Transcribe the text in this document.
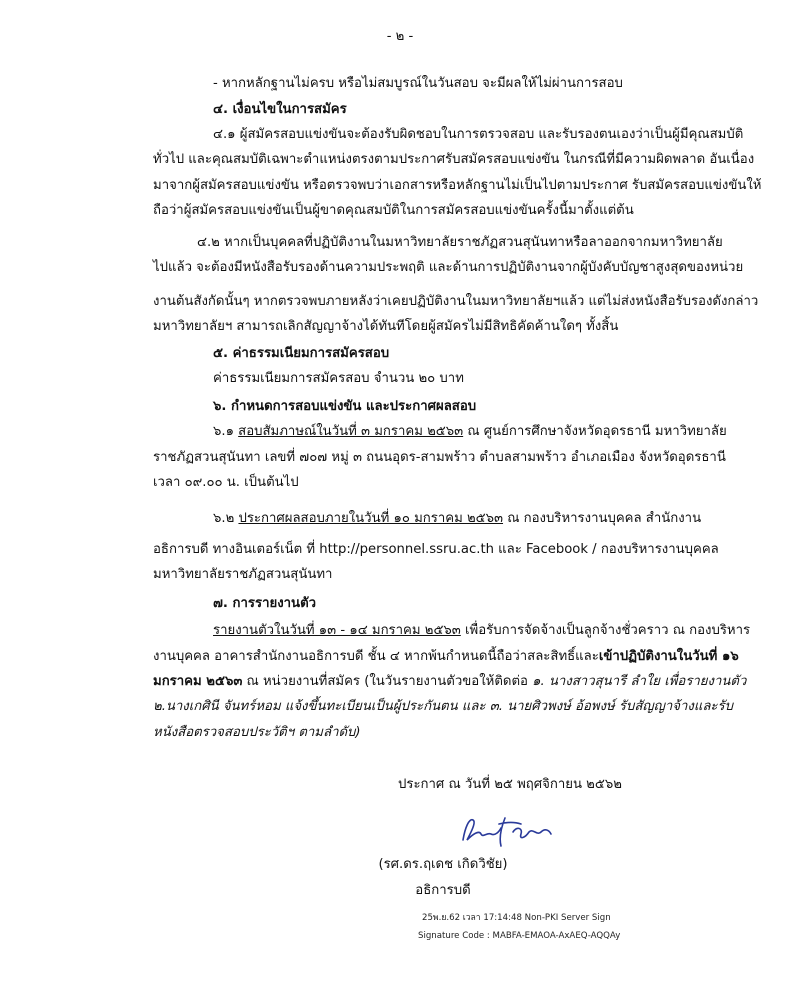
- ๒ -
- หากหลักฐานไม่ครบ หรือไม่สมบูรณ์ในวันสอบ จะมีผลให้ไม่ผ่านการสอบ
๔. เงื่อนไขในการสมัคร
๔.๑ ผู้สมัครสอบแข่งขันจะต้องรับผิดชอบในการตรวจสอบ และรับรองตนเองว่าเป็นผู้มีคุณสมบัติ
ทั่วไป และคุณสมบัติเฉพาะตำแหน่งตรงตามประกาศรับสมัครสอบแข่งขัน ในกรณีที่มีความผิดพลาด อันเนื่อง
มาจากผู้สมัครสอบแข่งขัน หรือตรวจพบว่าเอกสารหรือหลักฐานไม่เป็นไปตามประกาศ รับสมัครสอบแข่งขันให้
ถือว่าผู้สมัครสอบแข่งขันเป็นผู้ขาดคุณสมบัติในการสมัครสอบแข่งขันครั้งนี้มาตั้งแต่ต้น
๔.๒ หากเป็นบุคคลที่ปฏิบัติงานในมหาวิทยาลัยราชภัฏสวนสุนันทาหรือลาออกจากมหาวิทยาลัย
ไปแล้ว จะต้องมีหนังสือรับรองด้านความประพฤติ และด้านการปฏิบัติงานจากผู้บังคับบัญชาสูงสุดของหน่วย
งานต้นสังกัดนั้นๆ หากตรวจพบภายหลังว่าเคยปฏิบัติงานในมหาวิทยาลัยฯแล้ว แต่ไม่ส่งหนังสือรับรองดังกล่าว
มหาวิทยาลัยฯ สามารถเลิกสัญญาจ้างได้ทันทีโดยผู้สมัครไม่มีสิทธิคัดค้านใดๆ ทั้งสิ้น
๕. ค่าธรรมเนียมการสมัครสอบ
ค่าธรรมเนียมการสมัครสอบ จำนวน ๒๐ บาท
๖. กำหนดการสอบแข่งขัน และประกาศผลสอบ
๖.๑ สอบสัมภาษณ์ในวันที่ ๓ มกราคม ๒๕๖๓ ณ ศูนย์การศึกษาจังหวัดอุดรธานี มหาวิทยาลัย
ราชภัฏสวนสุนันทา เลขที่ ๗๐๗ หมู่ ๓ ถนนอุดร-สามพร้าว ตำบลสามพร้าว อำเภอเมือง จังหวัดอุดรธานี
เวลา ๐๙.๐๐ น. เป็นต้นไป
๖.๒ ประกาศผลสอบภายในวันที่ ๑๐ มกราคม ๒๕๖๓ ณ กองบริหารงานบุคคล สำนักงาน
อธิการบดี ทางอินเตอร์เน็ต ที่ http://personnel.ssru.ac.th และ Facebook / กองบริหารงานบุคคล
มหาวิทยาลัยราชภัฏสวนสุนันทา
๗. การรายงานตัว
รายงานตัวในวันที่ ๑๓ - ๑๔ มกราคม ๒๕๖๓ เพื่อรับการจัดจ้างเป็นลูกจ้างชั่วคราว ณ กองบริหาร
งานบุคคล อาคารสำนักงานอธิการบดี ชั้น ๔ หากพ้นกำหนดนี้ถือว่าสละสิทธิ์และเข้าปฏิบัติงานในวันที่ ๑๖
มกราคม ๒๕๖๓ ณ หน่วยงานที่สมัคร (ในวันรายงานตัวขอให้ติดต่อ ๑. นางสาวสุนารี ลำใย เพื่อรายงานตัว
๒.นางเกศินี จันทร์หอม แจ้งขึ้นทะเบียนเป็นผู้ประกันตน และ ๓. นายศิวพงษ์ อ้อพงษ์ รับสัญญาจ้างและรับ
หนังสือตรวจสอบประวัติฯ ตามลำดับ)
ประกาศ ณ วันที่ ๒๕ พฤศจิกายน ๒๕๖๒
(รศ.ดร.ฤเดช เกิดวิชัย)
อธิการบดี
25พ.ย.62 เวลา 17:14:48 Non-PKI Server Sign
Signature Code : MABFA-EMAOA-AxAEQ-AQQAy
